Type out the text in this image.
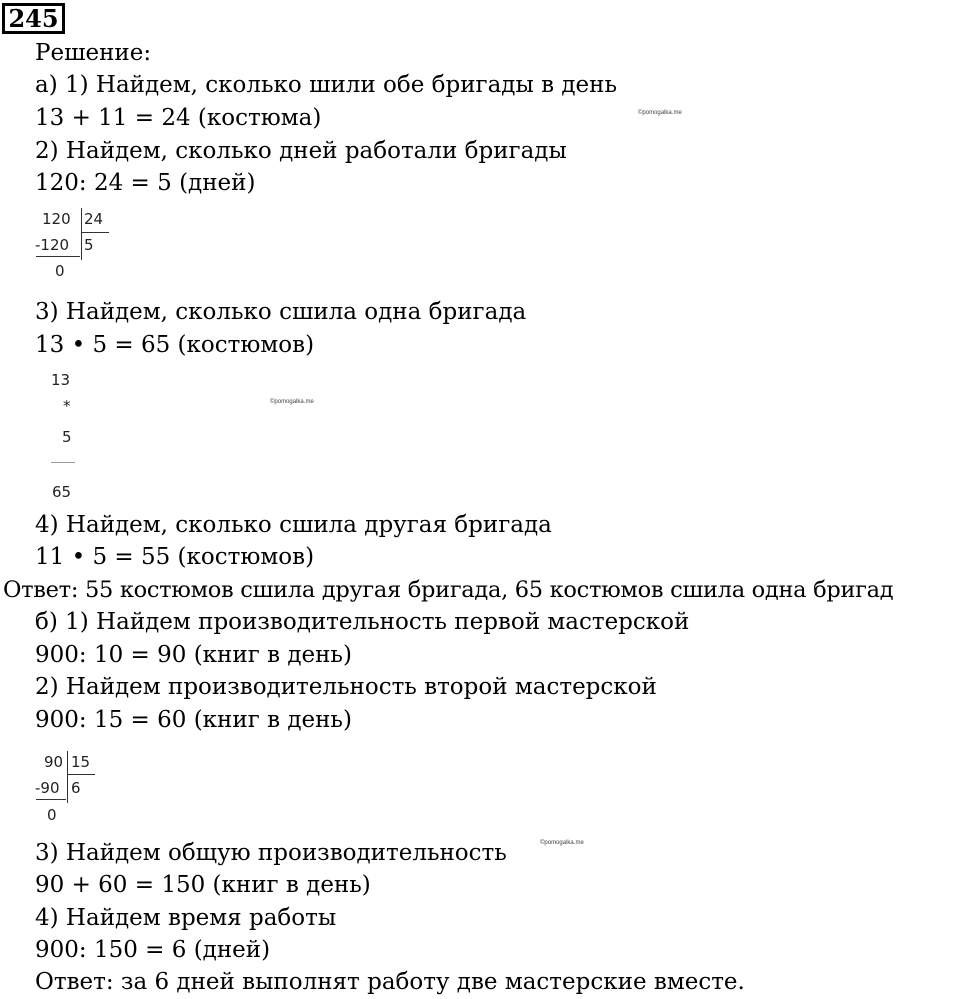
245
Решение:
а) 1) Найдем, сколько шили обе бригады в день
13 + 11 = 24 (костюма)	©pomogalka.me
2) Найдем, сколько дней работали бригады
120: 24 = 5 (дней)
120 24
-120 5
0
3) Найдем, сколько сшила одна бригада
13 • 5 = 65 (костюмов)
13
*	©pomogalka.me
5
65
4) Найдем, сколько сшила другая бригада
11 • 5 = 55 (костюмов)
Ответ: 55 костюмов сшила другая бригада, 65 костюмов сшила одна бригад
б) 1) Найдем производительность первой мастерской
900: 10 = 90 (книг в день)
2) Найдем производительность второй мастерской
900: 15 = 60 (книг в день)
90 15
-90 6
0
3) Найдем общую производительность	©pomogalka.me
90 + 60 = 150 (книг в день)
4) Найдем время работы
900: 150 = 6 (дней)
Ответ: за 6 дней выполнят работу две мастерские вместе.
